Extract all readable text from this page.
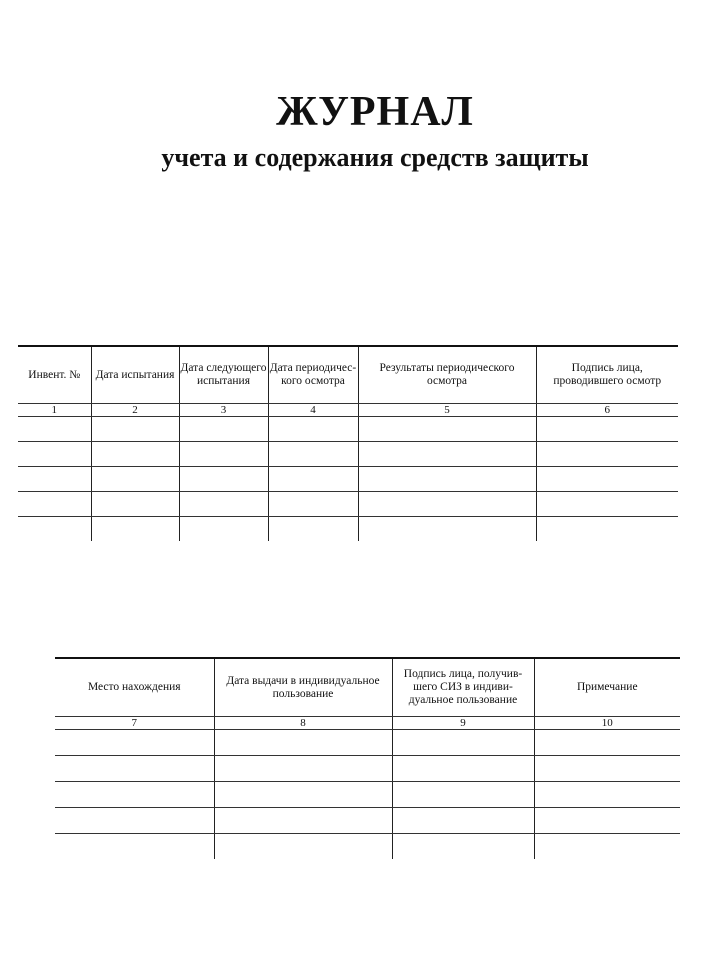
ЖУРНАЛ
учета и содержания средств защиты
Инвент. №	Дата испытания	Дата следующего испытания	Дата периодичес-кого осмотра	Результаты периодического осмотра	Подпись лица, проводившего осмотр
1	2	3	4	5	6

Место нахождения	Дата выдачи в индивидуальное пользование	Подпись лица, получив-шего СИЗ в индиви-дуальное пользование	Примечание
7	8	9	10
